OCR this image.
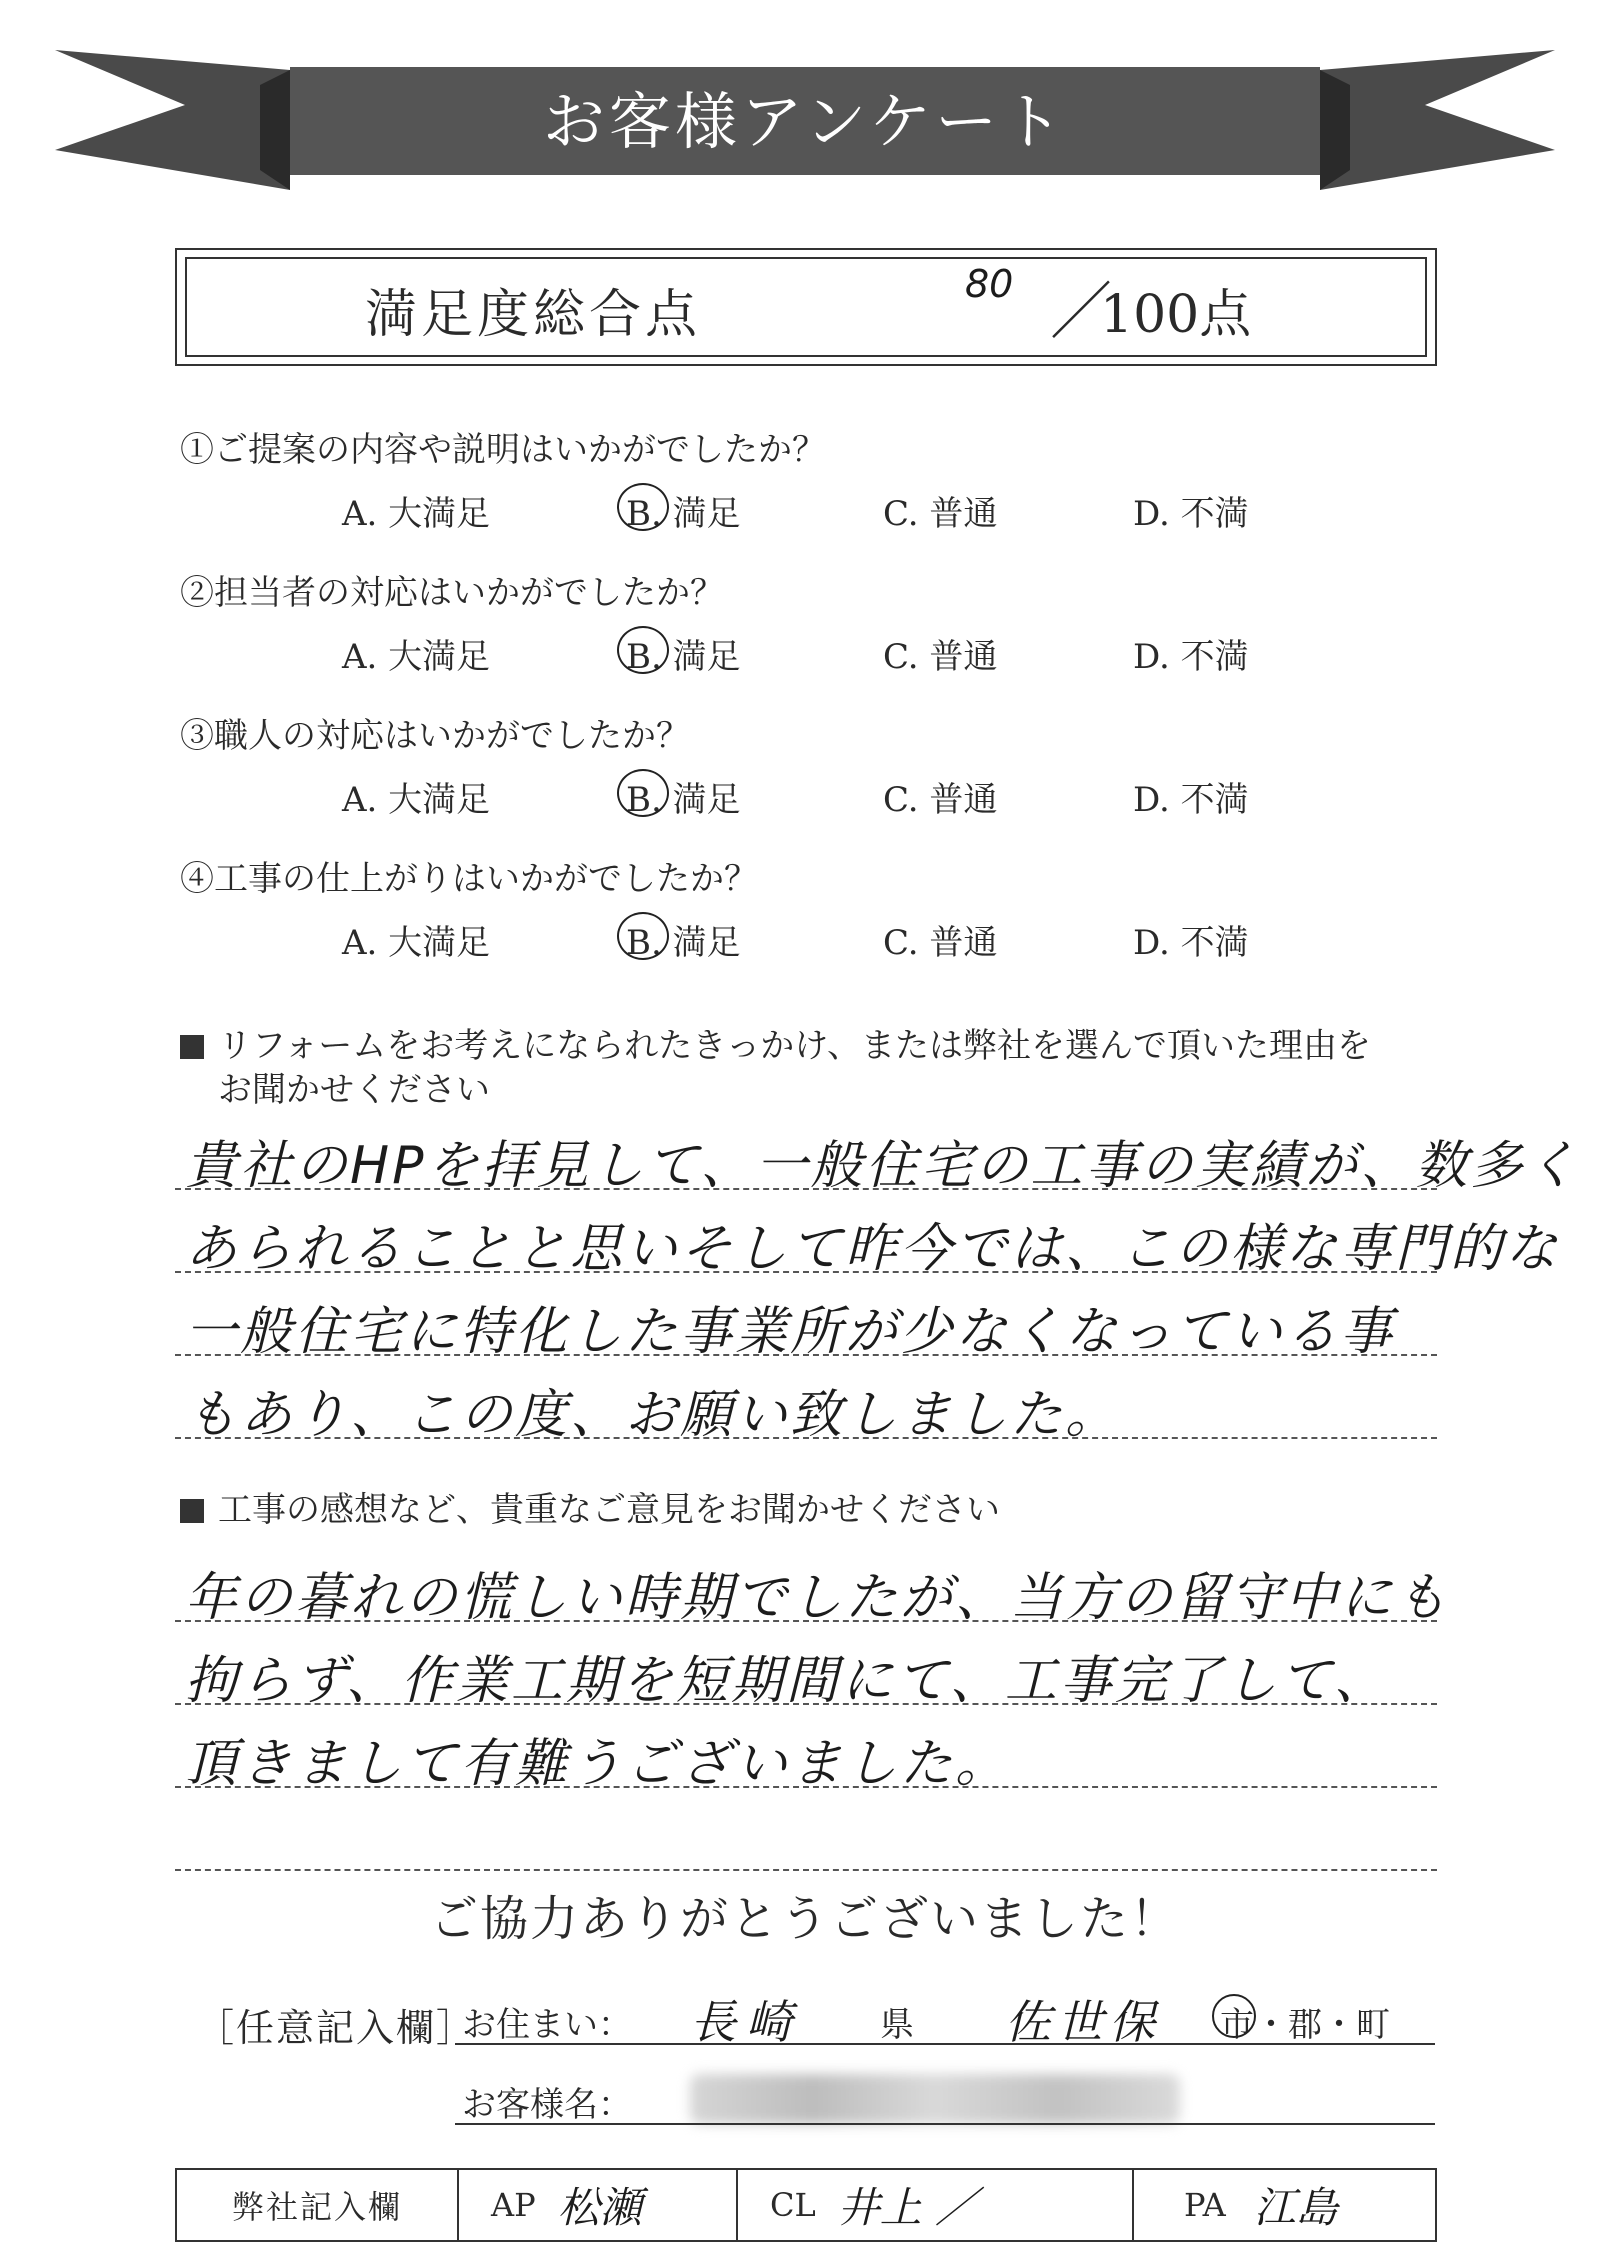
お客様アンケート
満足度総合点
80 ／
100点
①ご提案の内容や説明はいかがでしたか？
A. 大満足	B. 満足	C. 普通	D. 不満
②担当者の対応はいかがでしたか？
A. 大満足	B. 満足	C. 普通	D. 不満
③職人の対応はいかがでしたか？
A. 大満足	B. 満足	C. 普通	D. 不満
④工事の仕上がりはいかがでしたか？
A. 大満足	B. 満足	C. 普通	D. 不満
リフォームをお考えになられたきっかけ、または弊社を選んで頂いた理由を
お聞かせください
貴社のHPを拝見して、一般住宅の工事の実績が、数多く
あられることと思いそして昨今では、この様な専門的な
一般住宅に特化した事業所が少なくなっている事
もあり、この度、お願い致しました。
工事の感想など、貴重なご意見をお聞かせください
年の暮れの慌しい時期でしたが、当方の留守中にも
拘らず、作業工期を短期間にて、工事完了して、
頂きまして有難うございました。
ご協力ありがとうございました！
［任意記入欄］
お住まい： 長崎 県 佐世保 市・郡・町
お客様名：
弊社記入欄	AP 松瀬	CL 井上 ／	PA 江島
